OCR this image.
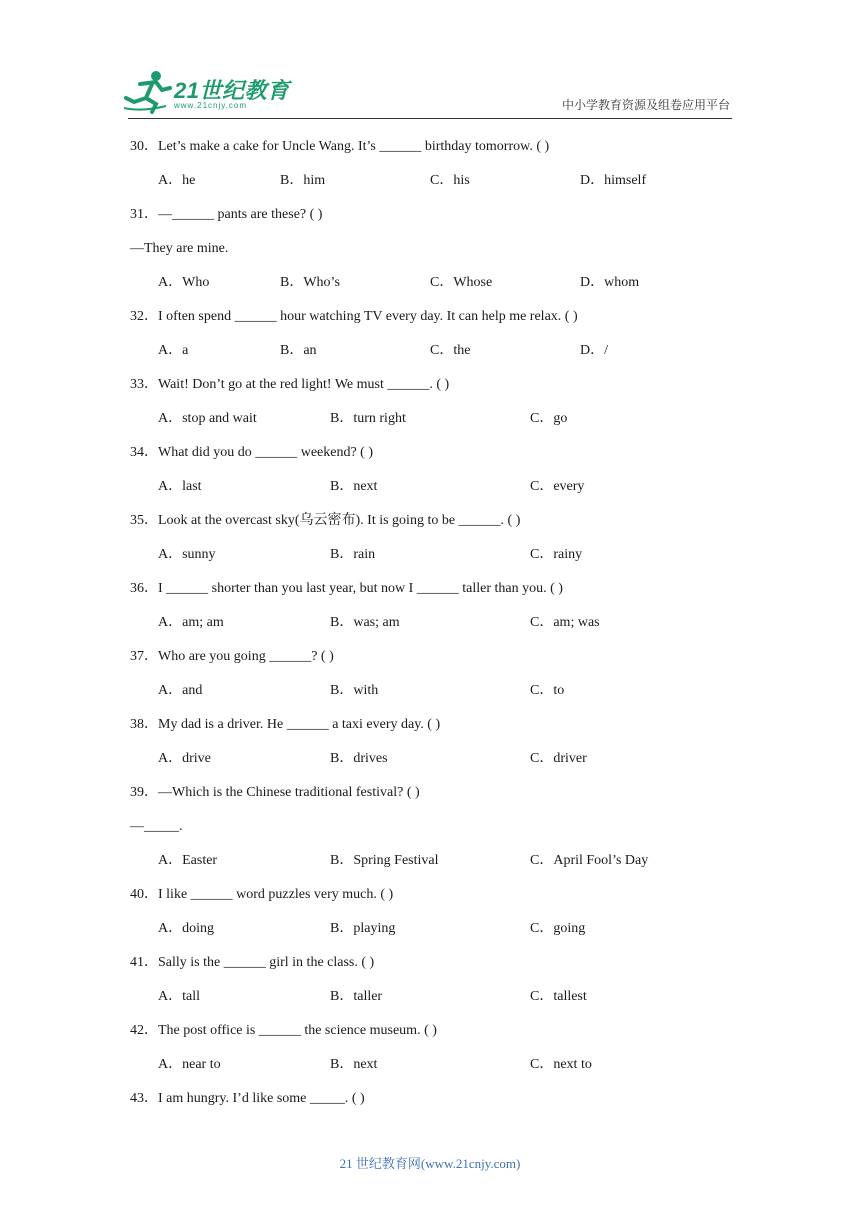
21世纪教育
www.21cnjy.com	中小学教育资源及组卷应用平台
30．Let’s make a cake for Uncle Wang. It’s ______ birthday tomorrow. ( )
A．he	B．him	C．his	D．himself
31．—______ pants are these? ( )
—They are mine.
A．Who	B．Who’s	C．Whose	D．whom
32．I often spend ______ hour watching TV every day. It can help me relax. ( )
A．a	B．an	C．the	D．/
33．Wait! Don’t go at the red light! We must ______. ( )
A．stop and wait	B．turn right	C．go
34．What did you do ______ weekend? ( )
A．last	B．next	C．every
35．Look at the overcast sky(乌云密布). It is going to be ______. ( )
A．sunny	B．rain	C．rainy
36．I ______ shorter than you last year, but now I ______ taller than you. ( )
A．am; am	B．was; am	C．am; was
37．Who are you going ______? ( )
A．and	B．with	C．to
38．My dad is a driver. He ______ a taxi every day. ( )
A．drive	B．drives	C．driver
39．—Which is the Chinese traditional festival? ( )
—_____.
A．Easter	B．Spring Festival	C．April Fool’s Day
40．I like ______ word puzzles very much. ( )
A．doing	B．playing	C．going
41．Sally is the ______ girl in the class. ( )
A．tall	B．taller	C．tallest
42．The post office is ______ the science museum. ( )
A．near to	B．next	C．next to
43．I am hungry. I’d like some _____. ( )
21 世纪教育网(www.21cnjy.com)
